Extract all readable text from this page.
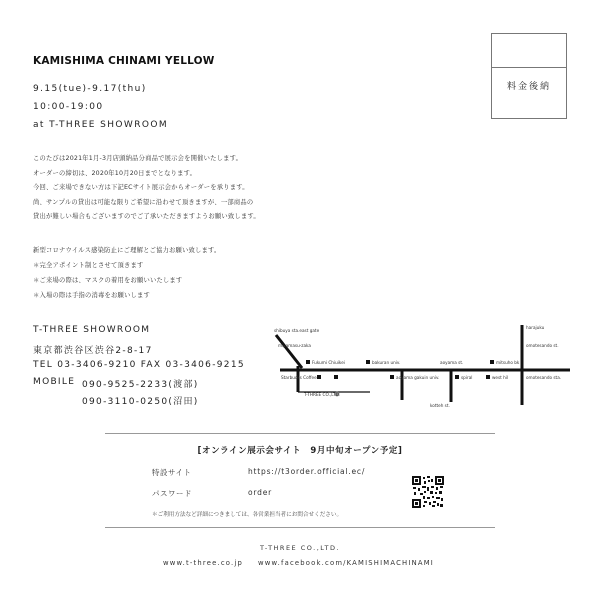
KAMISHIMA CHINAMI YELLOW
9.15(tue)-9.17(thu)
10:00-19:00
at T-THREE SHOWROOM
料金後納
このたびは2021年1月-3月店頭納品分商品で展示会を開催いたします。
オーダーの締切は、2020年10月20日までとなります。
今回、ご来場できない方は下記ECサイト展示会からオーダーを承ります。
尚、サンプルの貸出は可能な限りご希望に沿わせて頂きますが、一部商品の
貸出が難しい場合もございますのでご了承いただきますようお願い致します。
新型コロナウイルス感染防止にご理解とご協力お願い致します。
＊完全アポイント制とさせて頂きます
＊ご来場の際は、マスクの着用をお願いいたします
＊入場の際は手指の消毒をお願いします
T-THREE SHOWROOM
東京都渋谷区渋谷2-8-17
TEL 03-3406-9210 FAX 03-3406-9215
MOBILE 090-9525-2233(渡部)
090-3110-0250(沼田)
shibuya sta.east gate
miyamasu-zaka
Fukumi Chiuikei	bakuran univ.	aoyama st.	mitsuho bk
harajuku
omotesando st.
omotesando sta.
Starbucks Coffee	aoyama gakuin univ.	spiral	west hil
T-THREE CO.,LTD.
kotteh st.
[オンライン展示会サイト　9月中旬オープン予定]
特設サイト	https://t3order.official.ec/
パスワード	order
＊ご利用方法など詳細につきましては、各営業担当者にお問合せください。
T-THREE CO.,LTD.
www.t-three.co.jp www.facebook.com/KAMISHIMACHINAMI
